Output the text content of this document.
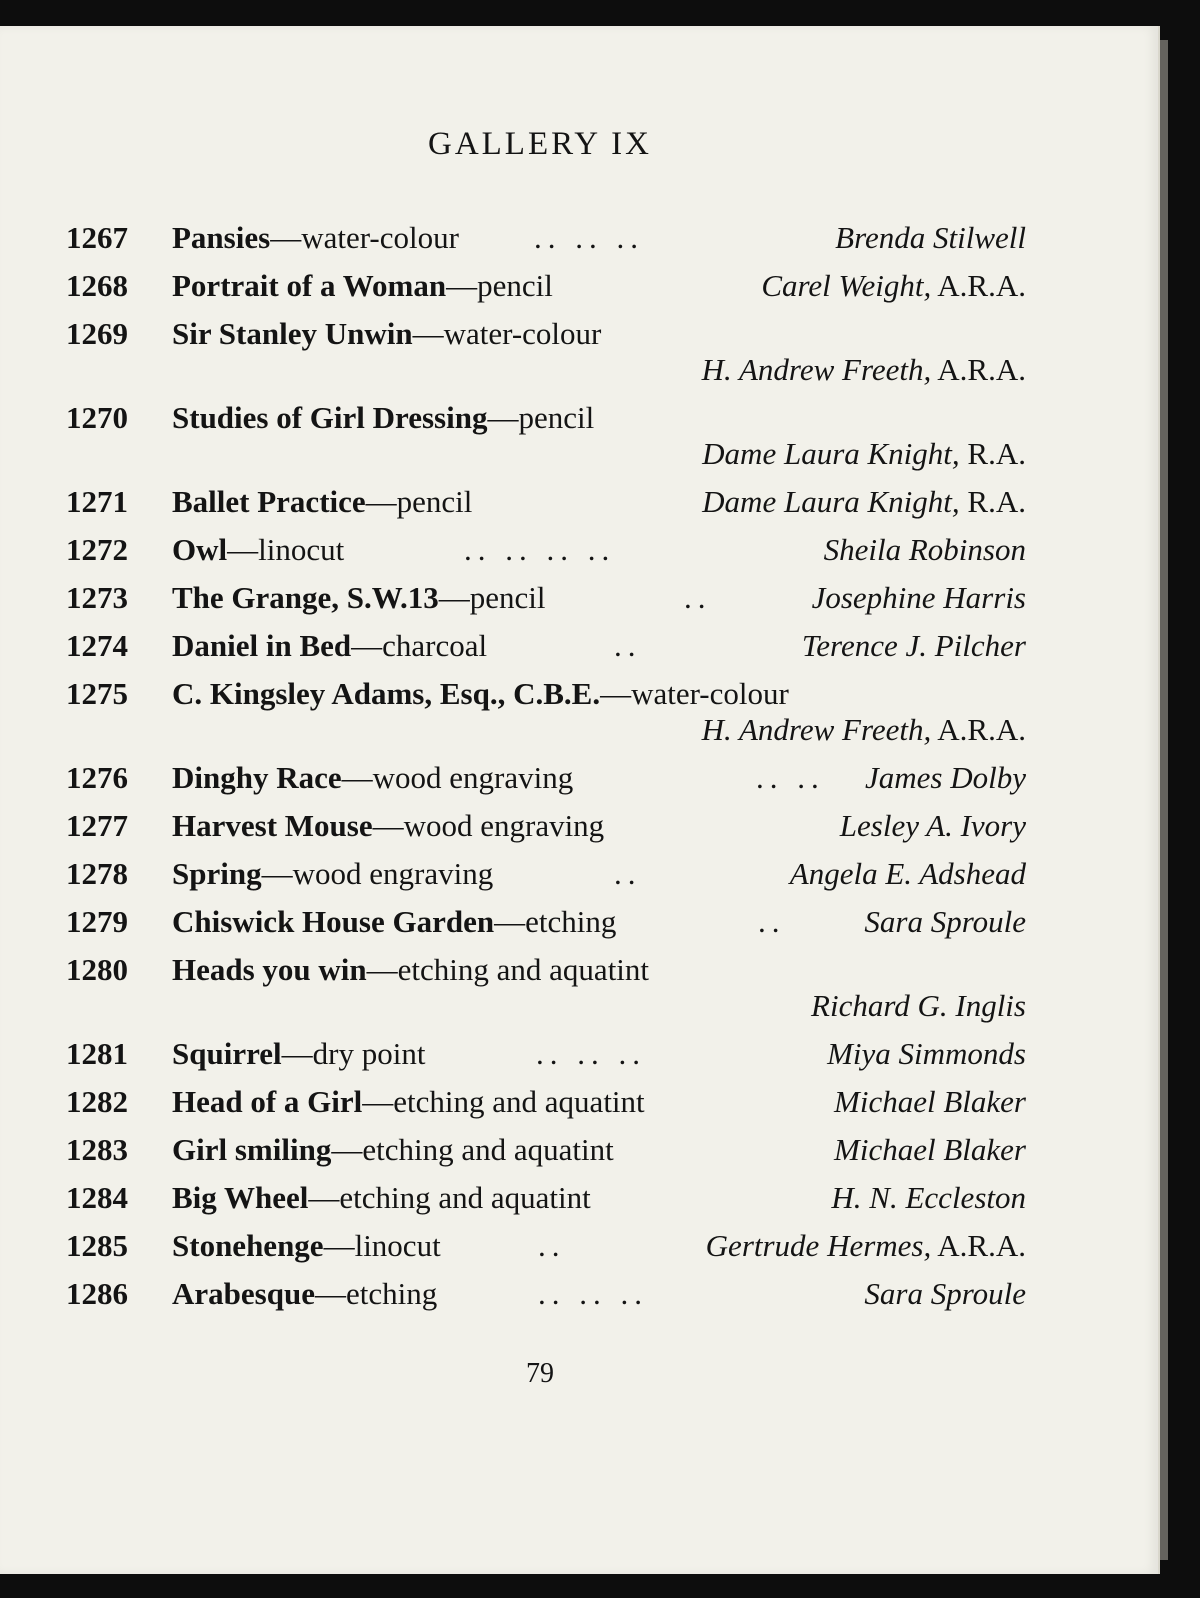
GALLERY IX
1267	Pansies—water-colour .. .. ..	Brenda Stilwell
1268	Portrait of a Woman—pencil	Carel Weight, A.R.A.
1269	Sir Stanley Unwin—water-colour
H. Andrew Freeth, A.R.A.
1270	Studies of Girl Dressing—pencil
Dame Laura Knight, R.A.
1271	Ballet Practice—pencil	Dame Laura Knight, R.A.
1272	Owl—linocut	.. .. .. ..	Sheila Robinson
1273	The Grange, S.W.13—pencil	..	Josephine Harris
1274	Daniel in Bed—charcoal	..	Terence J. Pilcher
1275	C. Kingsley Adams, Esq., C.B.E.—water-colour
H. Andrew Freeth, A.R.A.
1276	Dinghy Race—wood engraving	.. .. James Dolby
1277	Harvest Mouse—wood engraving	Lesley A. Ivory
1278	Spring—wood engraving	..	Angela E. Adshead
1279	Chiswick House Garden—etching	..	Sara Sproule
1280	Heads you win—etching and aquatint
Richard G. Inglis
1281	Squirrel—dry point	.. .. ..	Miya Simmonds
1282	Head of a Girl—etching and aquatint	Michael Blaker
1283	Girl smiling—etching and aquatint	Michael Blaker
1284	Big Wheel—etching and aquatint	H. N. Eccleston
1285	Stonehenge—linocut	..	Gertrude Hermes, A.R.A.
1286	Arabesque—etching	.. .. ..	Sara Sproule
79
